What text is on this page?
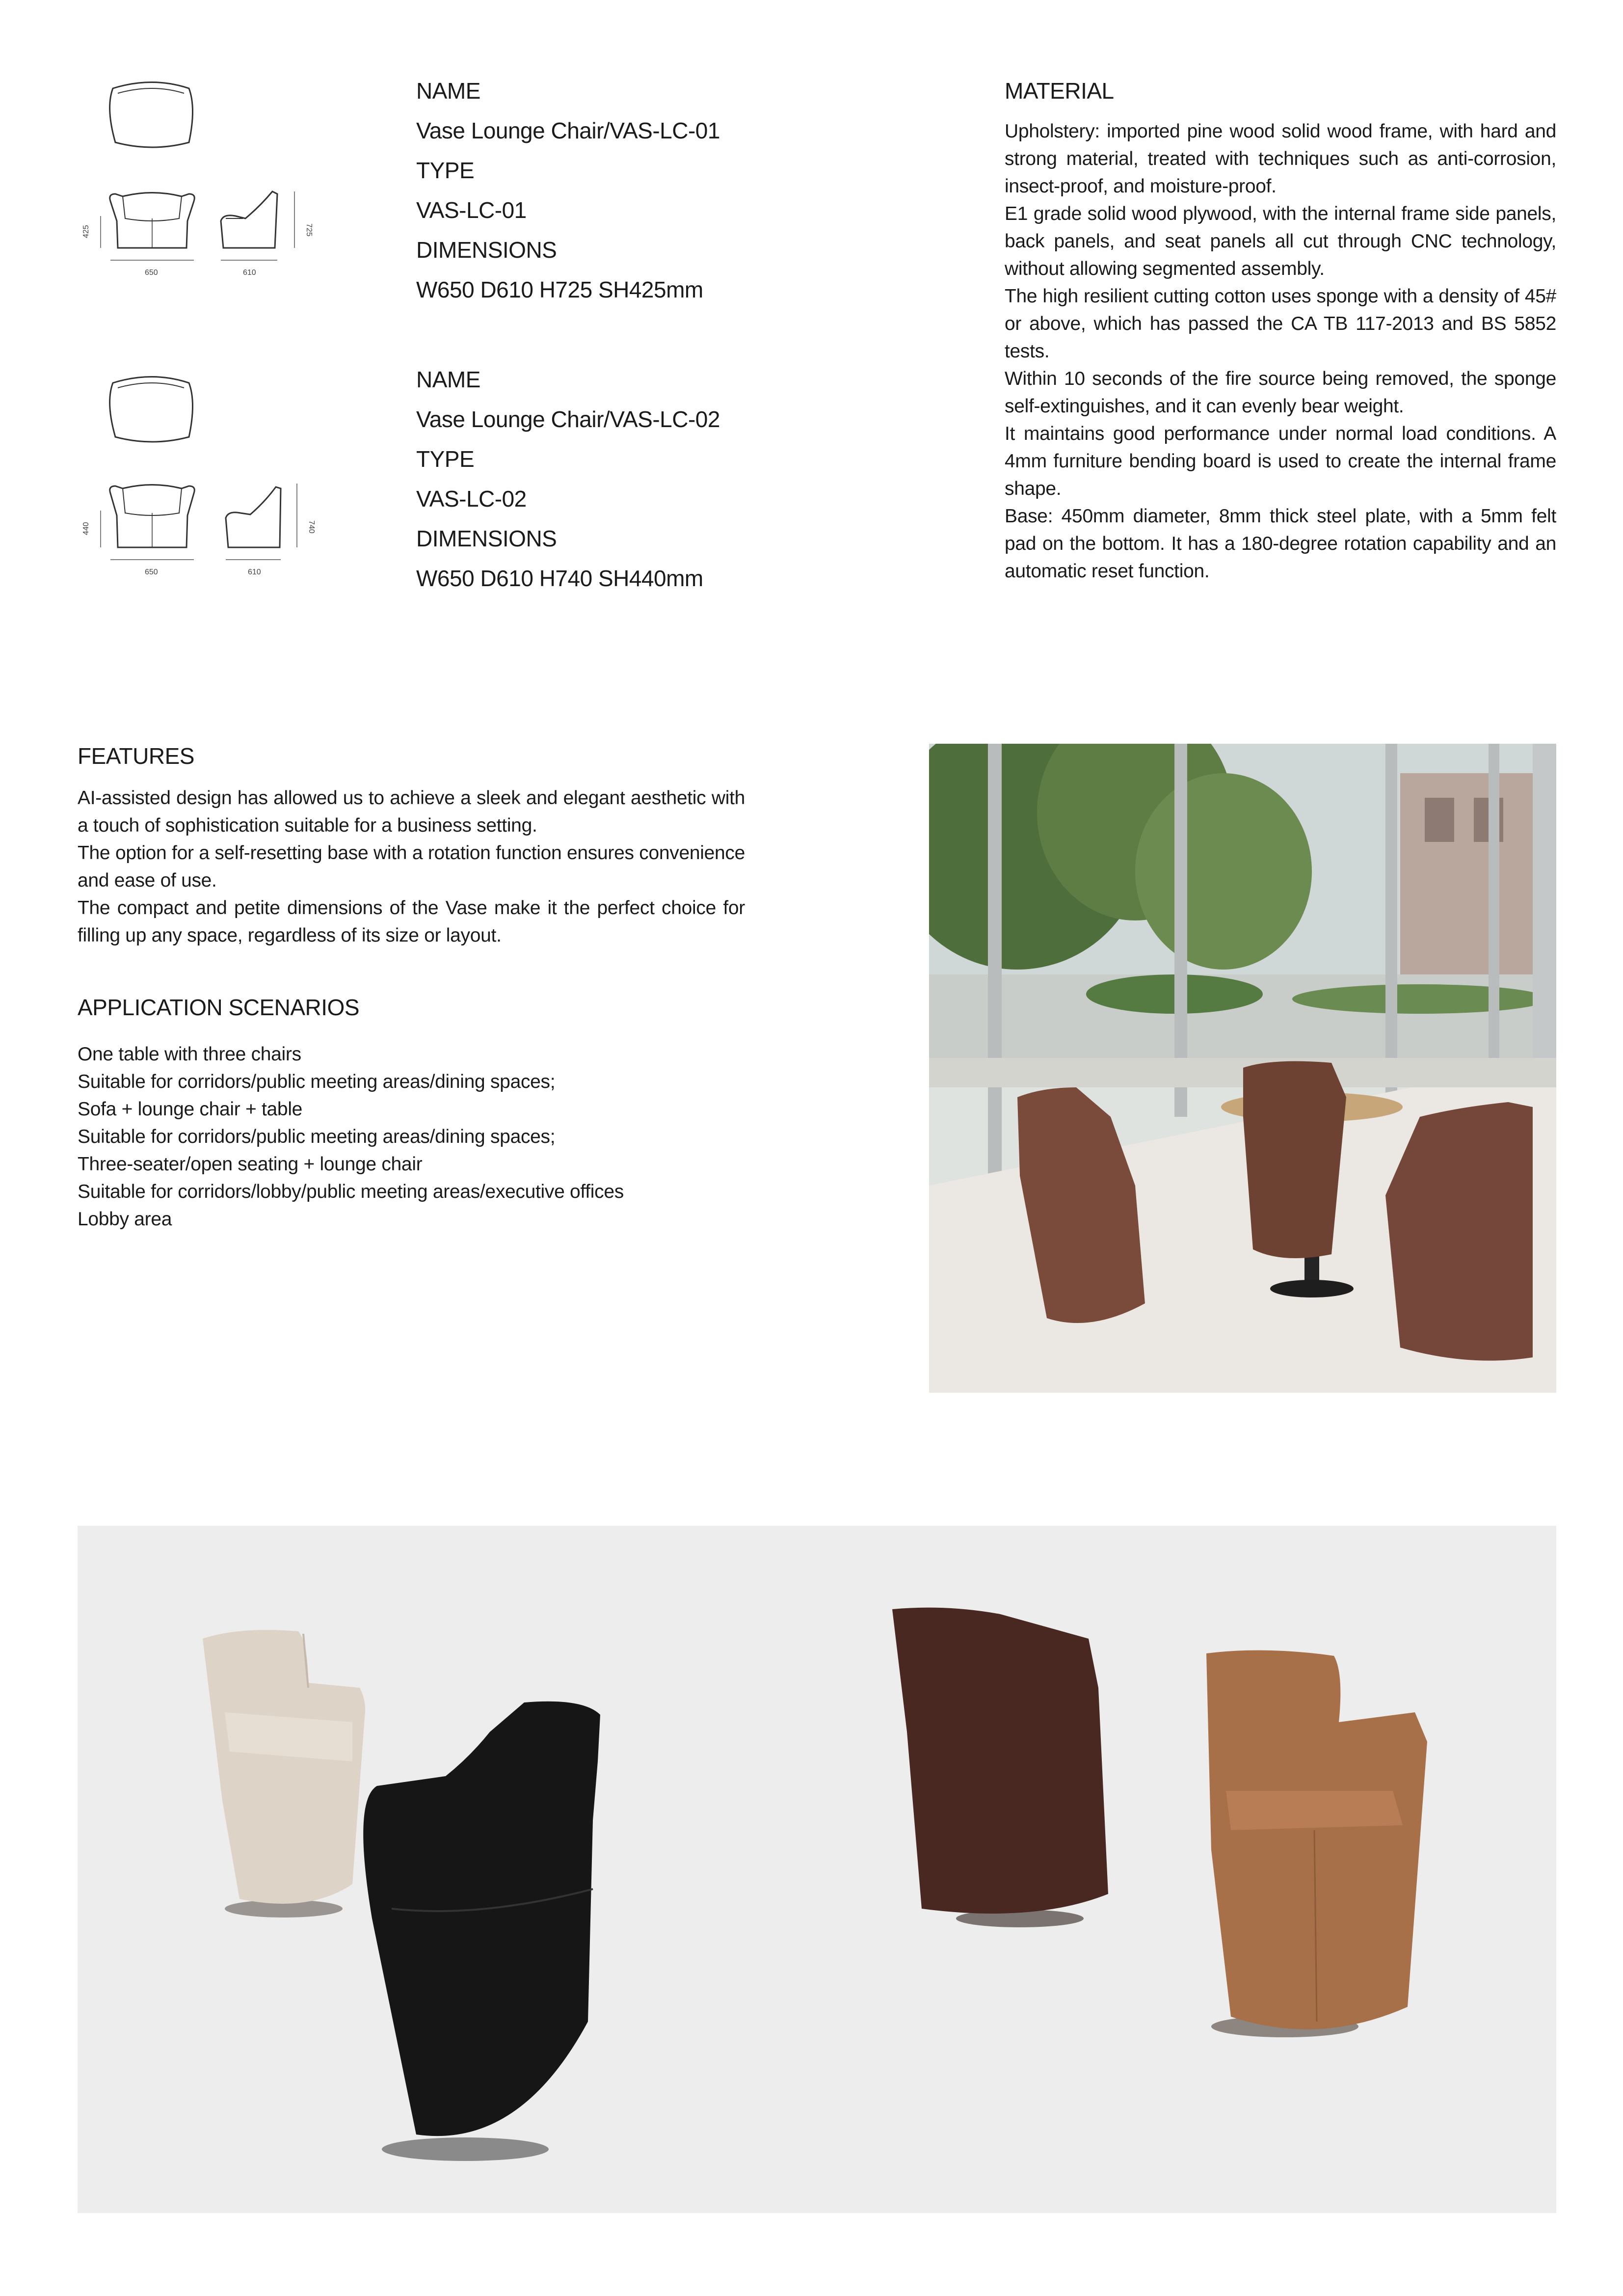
425	725
650	610
440	740
650	610
NAME
Vase Lounge Chair/VAS-LC-01
TYPE
VAS-LC-01
DIMENSIONS
W650 D610 H725 SH425mm
NAME
Vase Lounge Chair/VAS-LC-02
TYPE
VAS-LC-02
DIMENSIONS
W650 D610 H740 SH440mm
MATERIAL

Upholstery: imported pine wood solid wood frame, with hard and strong material, treated with techniques such as anti-corrosion, insect-proof, and moisture-proof.

E1 grade solid wood plywood, with the internal frame side panels, back panels, and seat panels all cut through CNC technology, without allowing segmented assembly.

The high resilient cutting cotton uses sponge with a density of 45# or above, which has passed the CA TB 117-2013 and BS 5852 tests.

Within 10 seconds of the fire source being removed, the sponge self-extinguishes, and it can evenly bear weight.

It maintains good performance under normal load conditions. A 4mm furniture bending board is used to create the internal frame shape.

Base: 450mm diameter, 8mm thick steel plate, with a 5mm felt pad on the bottom. It has a 180-degree rotation capability and an automatic reset function.

FEATURES

AI-assisted design has allowed us to achieve a sleek and elegant aesthetic with a touch of sophistication suitable for a business setting.

The option for a self-resetting base with a rotation function ensures convenience and ease of use.

The compact and petite dimensions of the Vase make it the perfect choice for filling up any space, regardless of its size or layout.

APPLICATION SCENARIOS

One table with three chairs

Suitable for corridors/public meeting areas/dining spaces;

Sofa + lounge chair + table

Suitable for corridors/public meeting areas/dining spaces;

Three-seater/open seating + lounge chair

Suitable for corridors/lobby/public meeting areas/executive offices

Lobby area
